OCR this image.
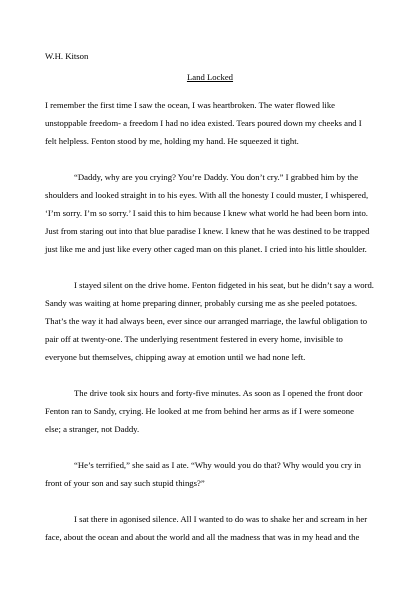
W.H. Kitson
Land Locked
I remember the first time I saw the ocean, I was heartbroken. The water flowed like
unstoppable freedom- a freedom I had no idea existed. Tears poured down my cheeks and I
felt helpless. Fenton stood by me, holding my hand. He squeezed it tight.
“Daddy, why are you crying? You’re Daddy. You don’t cry.” I grabbed him by the
shoulders and looked straight in to his eyes. With all the honesty I could muster, I whispered,
‘I’m sorry. I’m so sorry.’ I said this to him because I knew what world he had been born into.
Just from staring out into that blue paradise I knew. I knew that he was destined to be trapped
just like me and just like every other caged man on this planet. I cried into his little shoulder.
I stayed silent on the drive home. Fenton fidgeted in his seat, but he didn’t say a word.
Sandy was waiting at home preparing dinner, probably cursing me as she peeled potatoes.
That’s the way it had always been, ever since our arranged marriage, the lawful obligation to
pair off at twenty-one. The underlying resentment festered in every home, invisible to
everyone but themselves, chipping away at emotion until we had none left.
The drive took six hours and forty-five minutes. As soon as I opened the front door
Fenton ran to Sandy, crying. He looked at me from behind her arms as if I were someone
else; a stranger, not Daddy.
“He’s terrified,” she said as I ate. “Why would you do that? Why would you cry in
front of your son and say such stupid things?”
I sat there in agonised silence. All I wanted to do was to shake her and scream in her
face, about the ocean and about the world and all the madness that was in my head and the
